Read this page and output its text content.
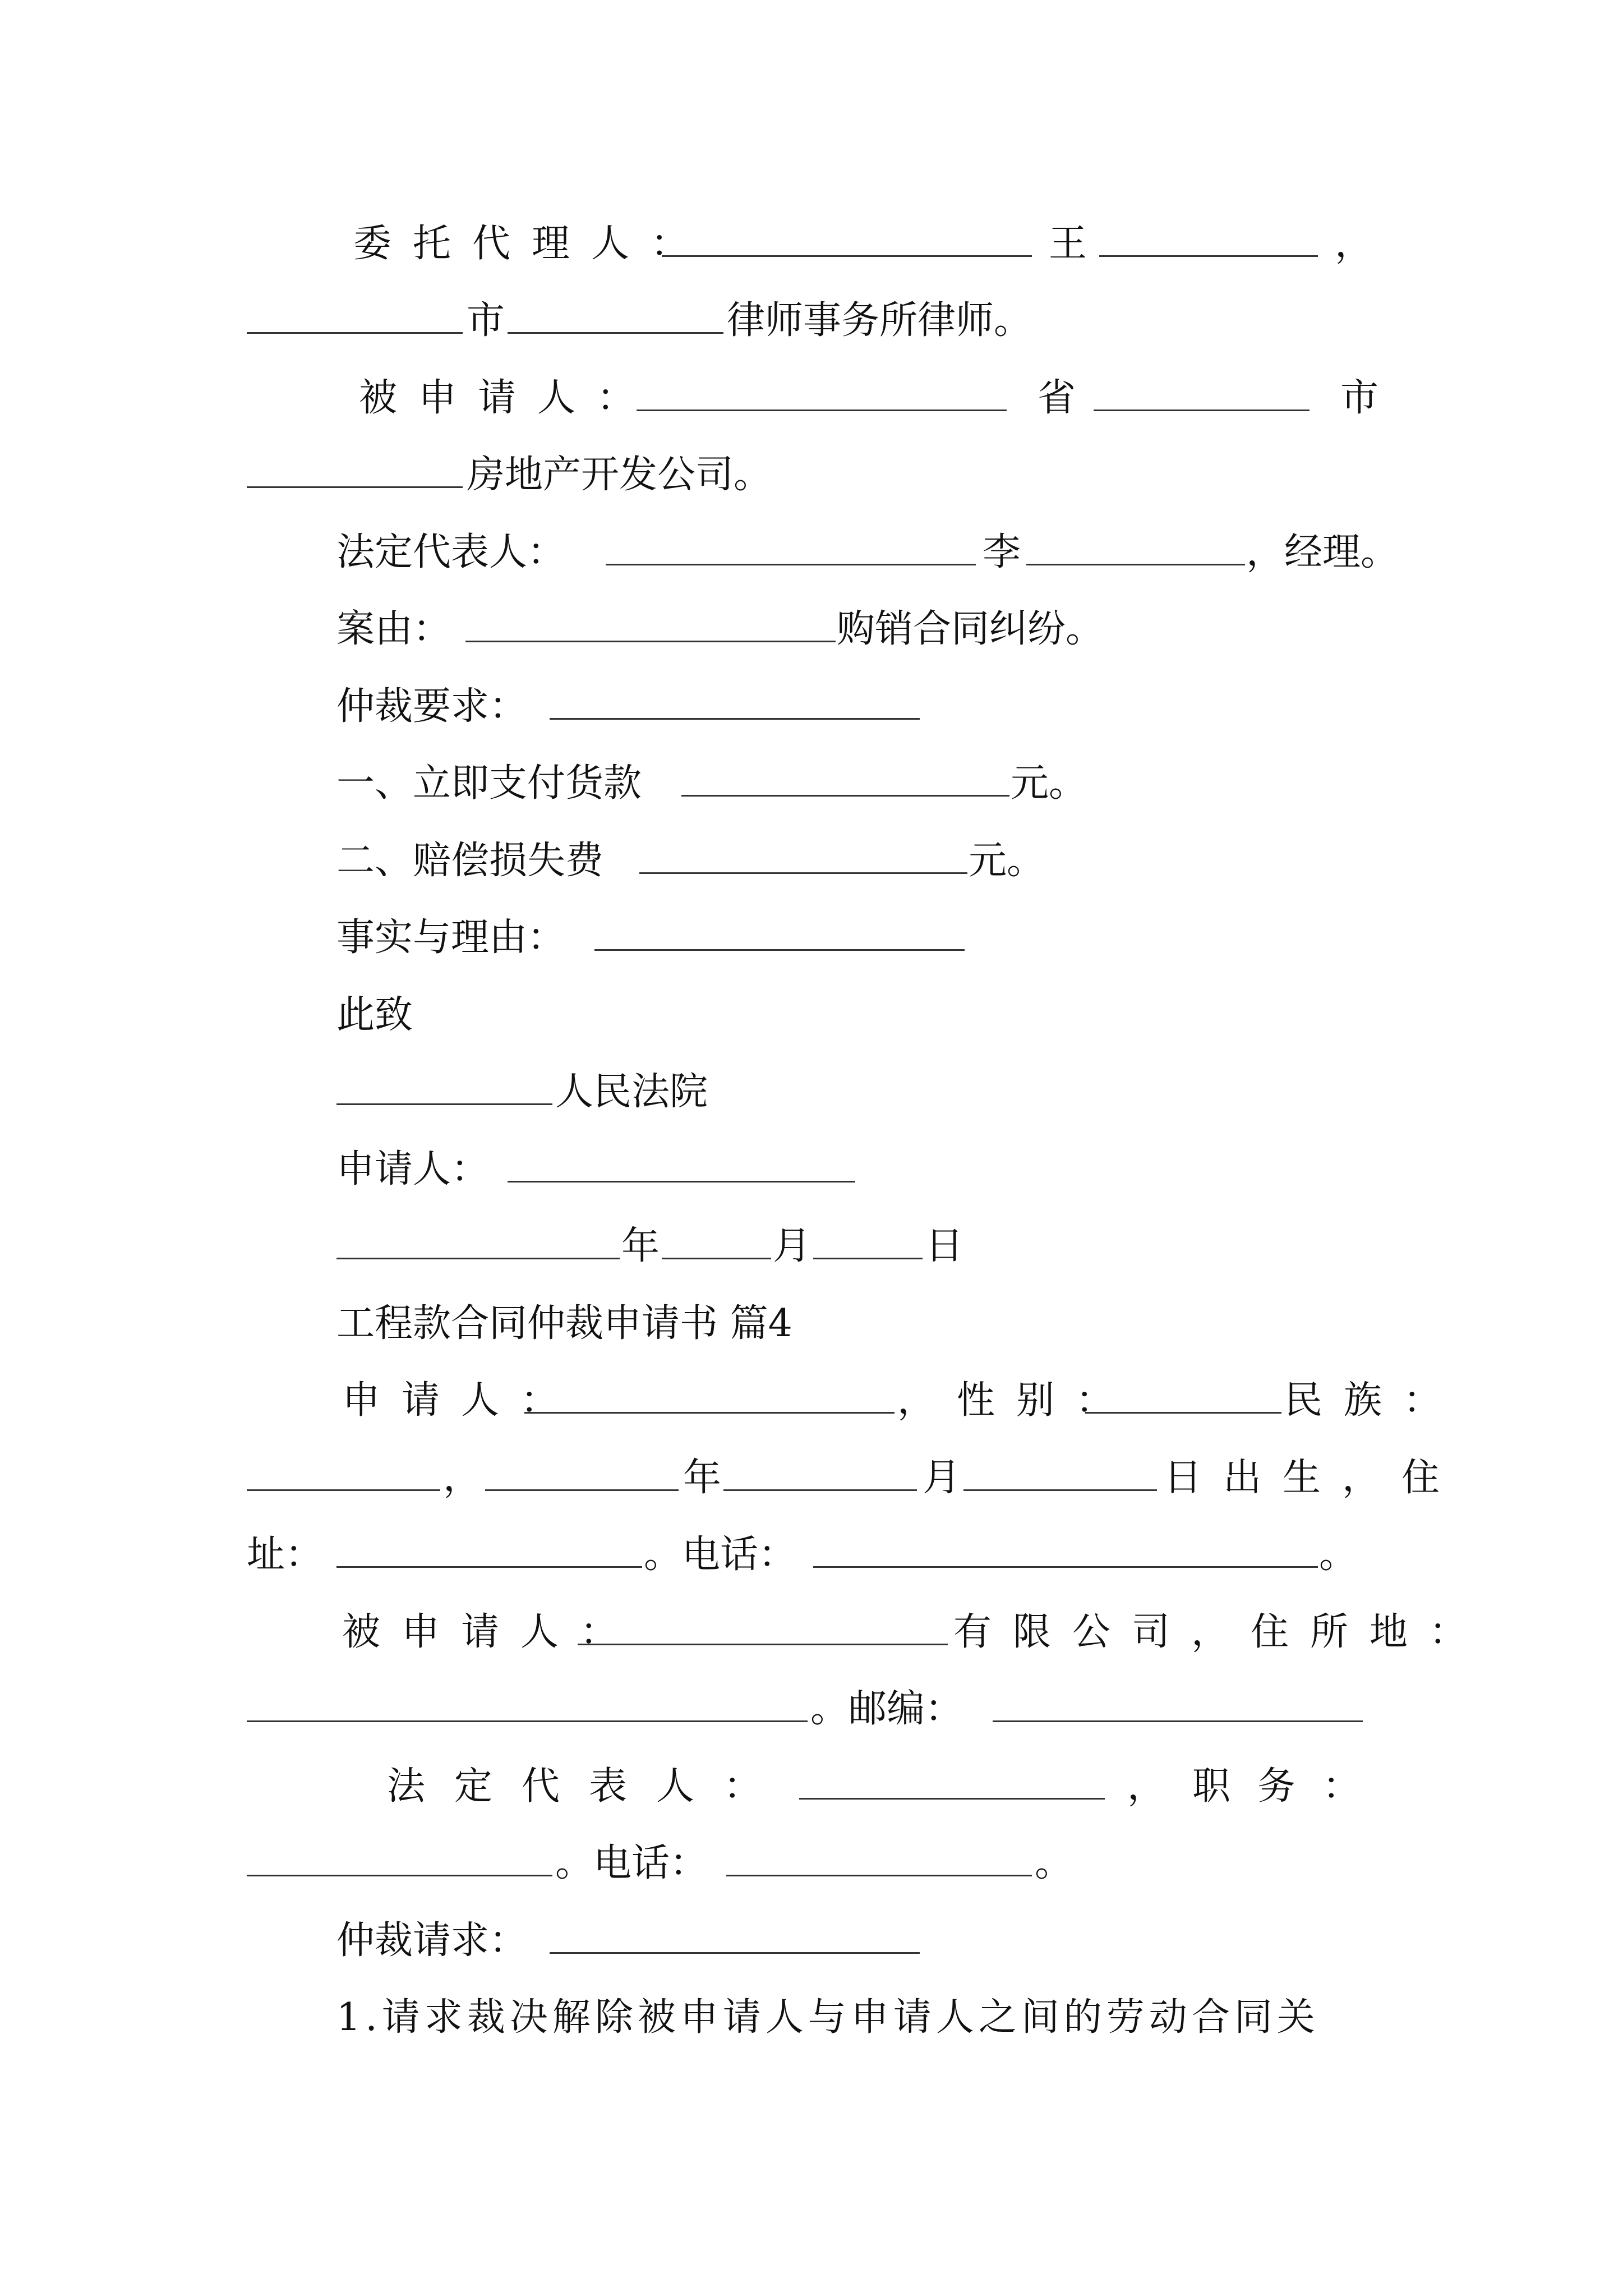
委托代理人：	王	，
市	律师事务所律师。
被申请人：	省	市
房地产开发公司。
法定代表人：	李	，经理。
案由：	购销合同纠纷。
仲裁要求：
一、立即支付货款	元。
二、赔偿损失费	元。
事实与理由：
此致
人民法院
申请人：
年	月	日
工程款合同仲裁申请书 篇4
申请人：	，性别：	民族：
，	年	月	日出生，住
址：	。电话：	。
被申请人：	有限公司，住所地：
。邮编：
法定代表人：	，职务：
。电话：	。
仲裁请求：
1.请求裁决解除被申请人与申请人之间的劳动合同关
